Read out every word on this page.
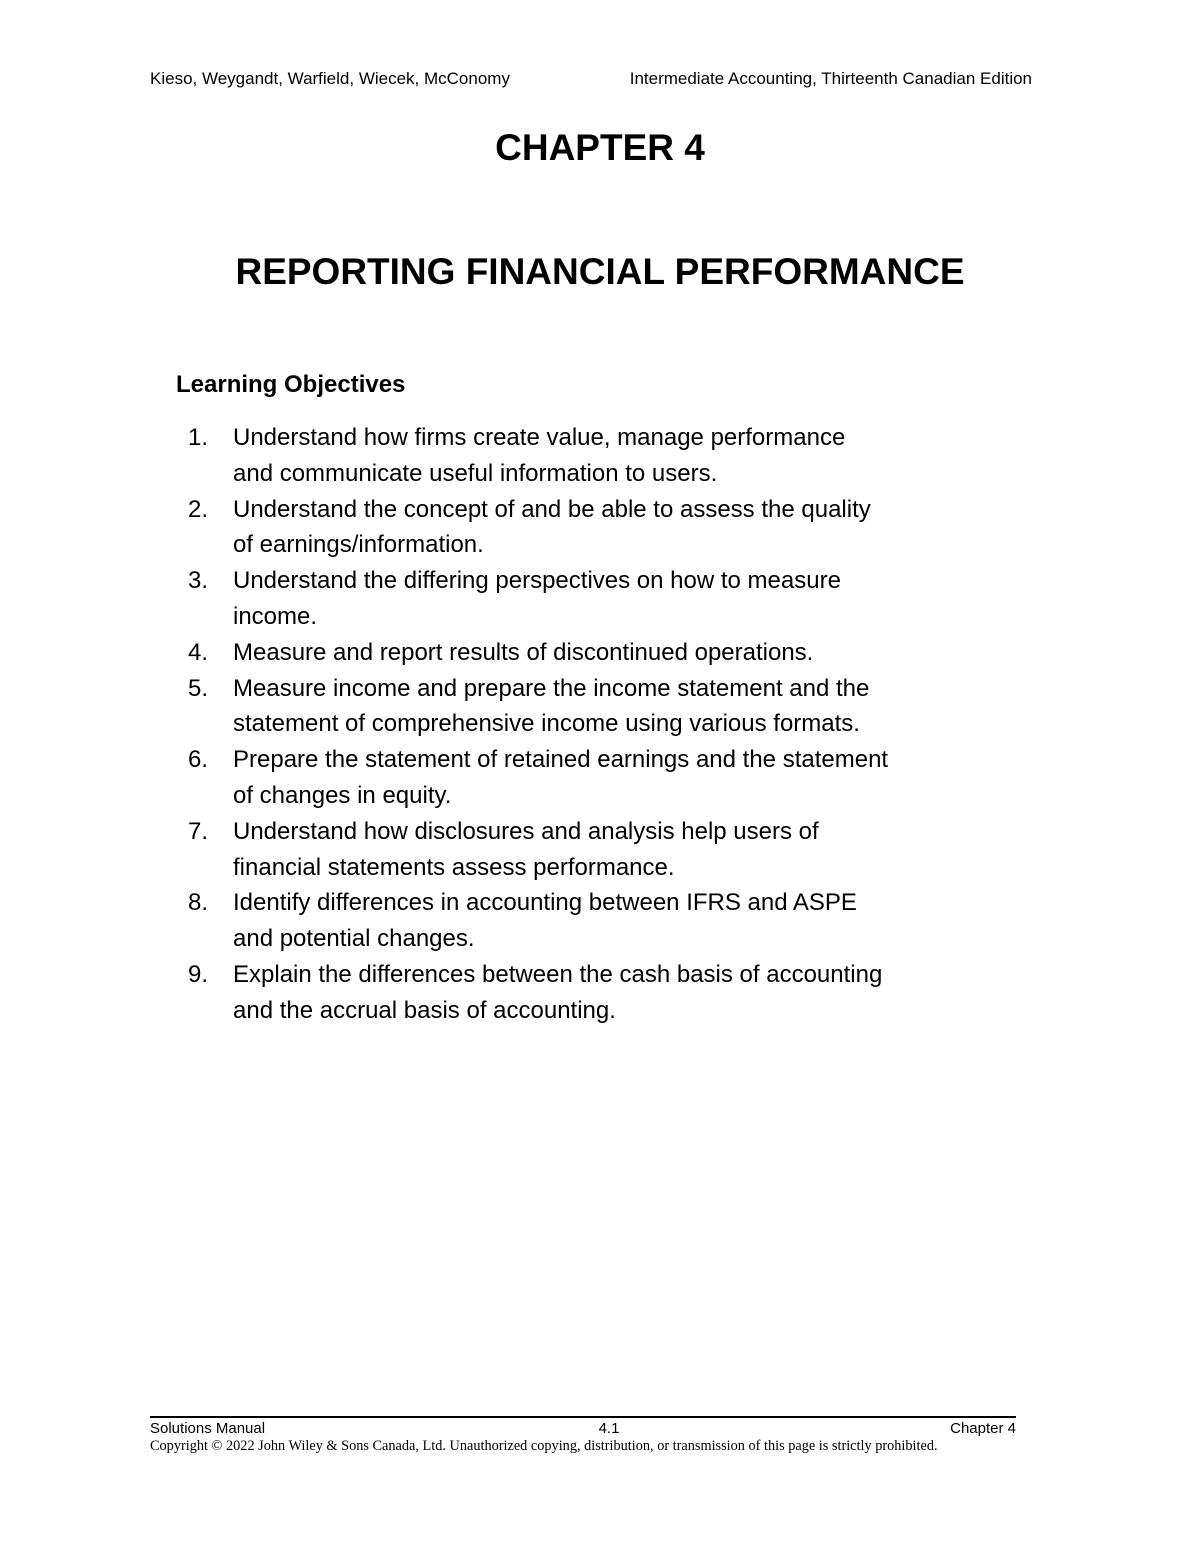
Kieso, Weygandt, Warfield, Wiecek, McConomy	Intermediate Accounting, Thirteenth Canadian Edition
CHAPTER 4
REPORTING FINANCIAL PERFORMANCE
Learning Objectives
1.	Understand how firms create value, manage performance
and communicate useful information to users.
2.	Understand the concept of and be able to assess the quality
of earnings/information.
3.	Understand the differing perspectives on how to measure
income.
4.	Measure and report results of discontinued operations.
5.	Measure income and prepare the income statement and the
statement of comprehensive income using various formats.
6.	Prepare the statement of retained earnings and the statement
of changes in equity.
7.	Understand how disclosures and analysis help users of
financial statements assess performance.
8.	Identify differences in accounting between IFRS and ASPE
and potential changes.
9.	Explain the differences between the cash basis of accounting
and the accrual basis of accounting.
Solutions Manual	4.1	Chapter 4
Copyright © 2022 John Wiley & Sons Canada, Ltd. Unauthorized copying, distribution, or transmission of this page is strictly prohibited.
